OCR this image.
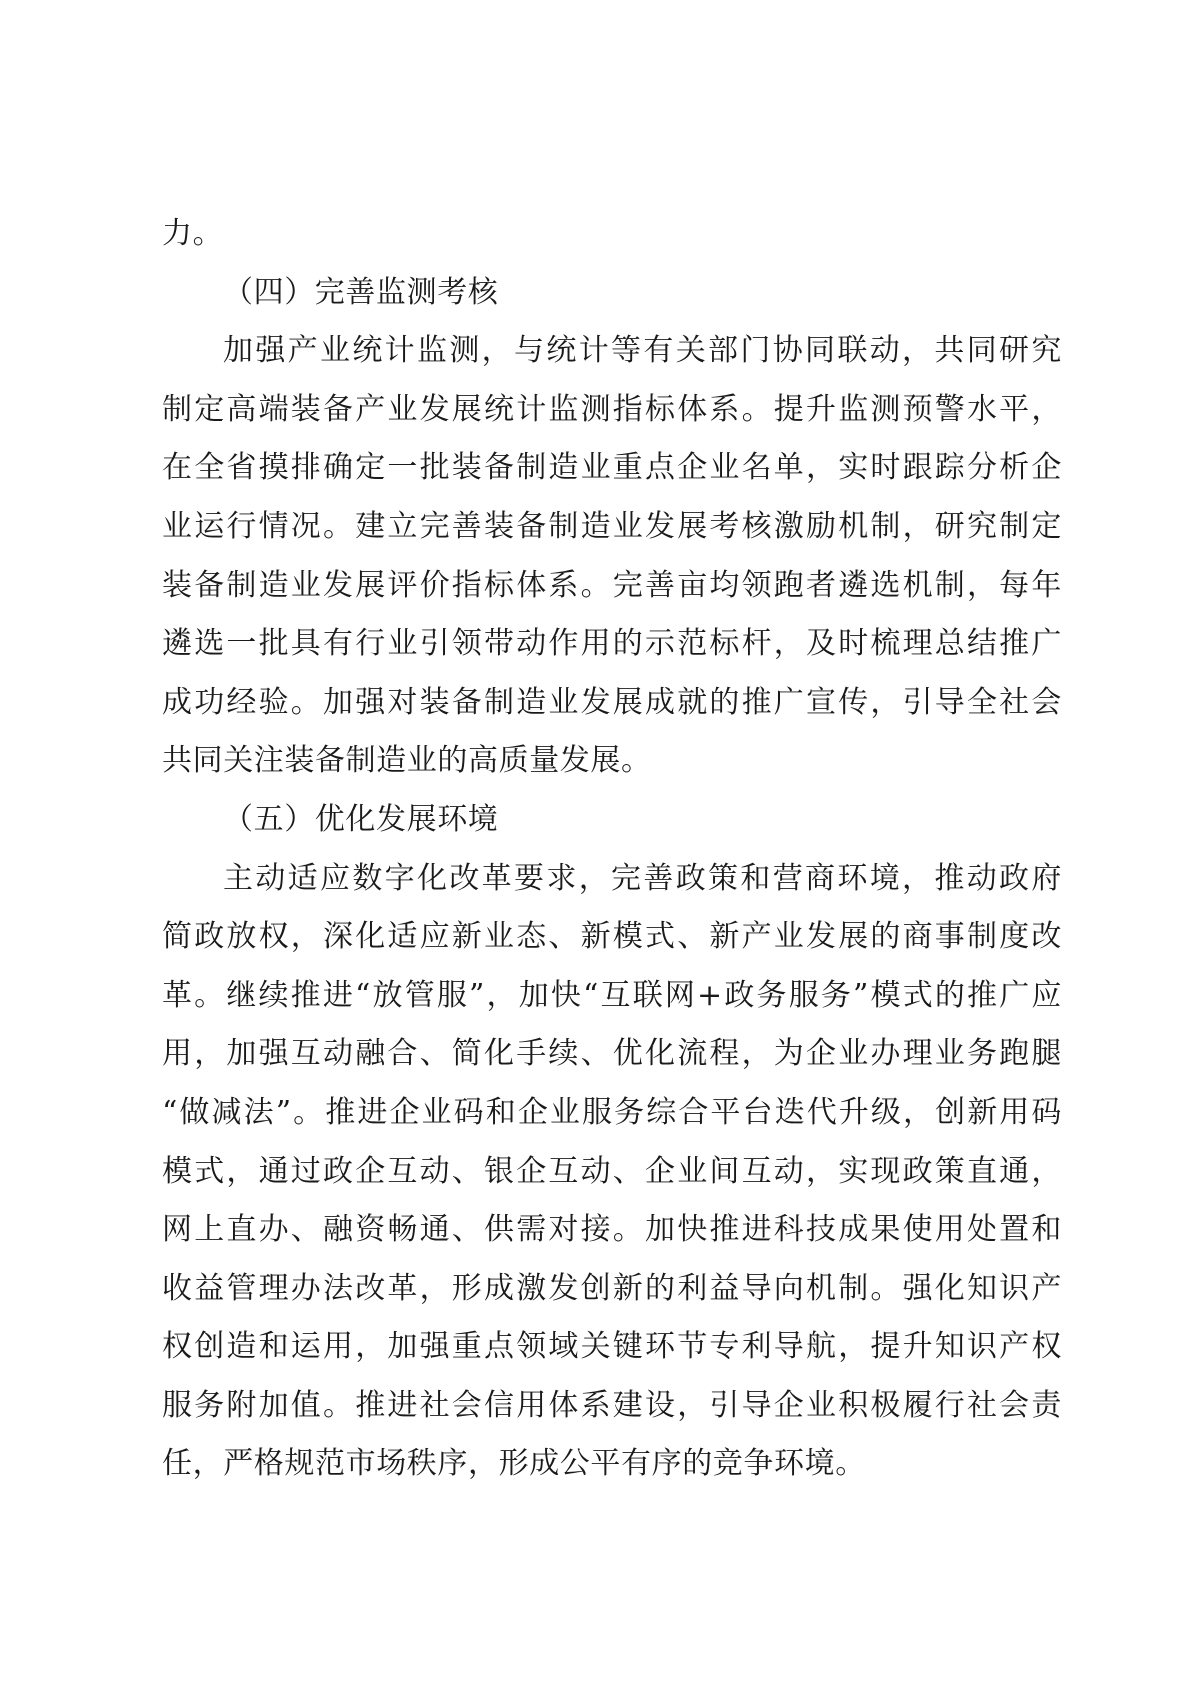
力。
（四）完善监测考核
加强产业统计监测，与统计等有关部门协同联动，共同研究
制定高端装备产业发展统计监测指标体系。提升监测预警水平，
在全省摸排确定一批装备制造业重点企业名单，实时跟踪分析企
业运行情况。建立完善装备制造业发展考核激励机制，研究制定
装备制造业发展评价指标体系。完善亩均领跑者遴选机制，每年
遴选一批具有行业引领带动作用的示范标杆，及时梳理总结推广
成功经验。加强对装备制造业发展成就的推广宣传，引导全社会
共同关注装备制造业的高质量发展。
（五）优化发展环境
主动适应数字化改革要求，完善政策和营商环境，推动政府
简政放权，深化适应新业态、新模式、新产业发展的商事制度改
革。继续推进“放管服”，加快“互联网+政务服务”模式的推广应
用，加强互动融合、简化手续、优化流程，为企业办理业务跑腿
“做减法”。推进企业码和企业服务综合平台迭代升级，创新用码
模式，通过政企互动、银企互动、企业间互动，实现政策直通，
网上直办、融资畅通、供需对接。加快推进科技成果使用处置和
收益管理办法改革，形成激发创新的利益导向机制。强化知识产
权创造和运用，加强重点领域关键环节专利导航，提升知识产权
服务附加值。推进社会信用体系建设，引导企业积极履行社会责
任，严格规范市场秩序，形成公平有序的竞争环境。
